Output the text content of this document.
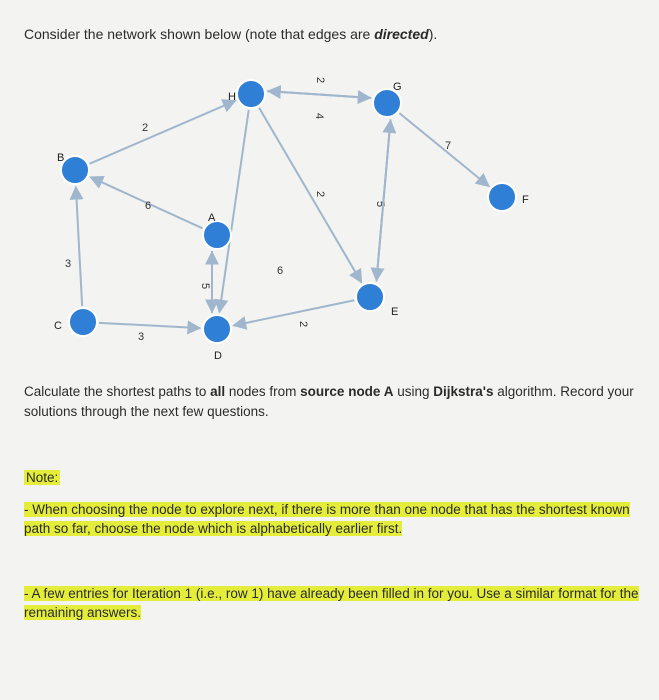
Consider the network shown below (note that edges are directed).
2
3
6
3
5
2
4
2
6
2
5
7
B
C
A
D
H
G
E
F
Calculate the shortest paths to all nodes from source node A using Dijkstra's algorithm. Record your solutions through the next few questions.
Note:
- When choosing the node to explore next, if there is more than one node that has the shortest known path so far, choose the node which is alphabetically earlier first.
- A few entries for Iteration 1 (i.e., row 1) have already been filled in for you. Use a similar format for the remaining answers.
